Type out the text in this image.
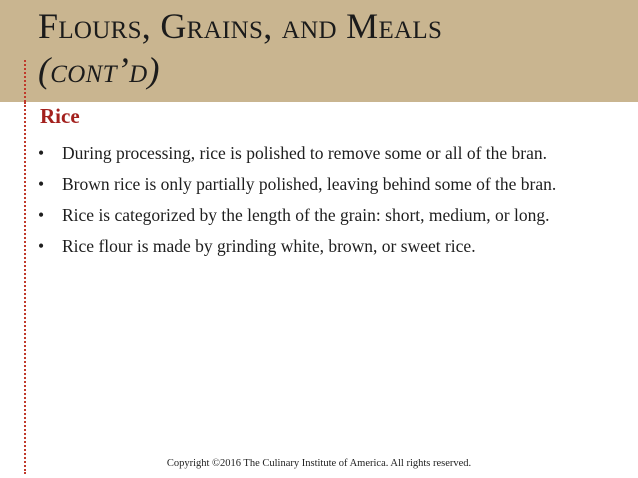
Flours, Grains, and Meals
(cont’d)
Rice
• During processing, rice is polished to remove some or all of the bran.
• Brown rice is only partially polished, leaving behind some of the bran.
• Rice is categorized by the length of the grain: short, medium, or long.
• Rice flour is made by grinding white, brown, or sweet rice.
Copyright ©2016 The Culinary Institute of America. All rights reserved.
